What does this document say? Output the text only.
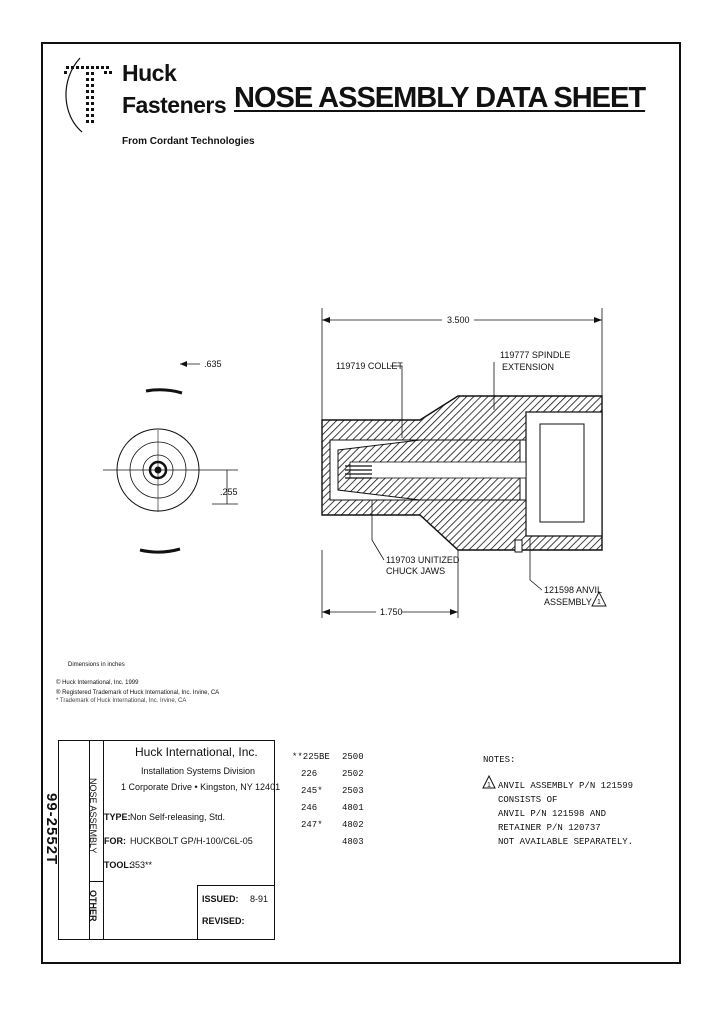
Huck
Fasteners
From Cordant Technologies
NOSE ASSEMBLY DATA SHEET
.635
.255
3.500
1.750
119719 COLLET
119777 SPINDLE
EXTENSION
119703 UNITIZED
CHUCK JAWS
121598 ANVIL
ASSEMBLY 1
Dimensions in inches
© Huck International, Inc. 1999
® Registered Trademark of Huck International, Inc. Irvine, CA
* Trademark of Huck International, Inc. Irvine, CA
99-2552T	NOSE ASSEMBLY
OTHER
Huck International, Inc.
Installation Systems Division
1 Corporate Drive • Kingston, NY 12401
TYPE: Non Self-releasing, Std.
FOR: HUCKBOLT GP/H-100/C6L-05
TOOL:
353**
ISSUED: 8-91
REVISED:
**225BE
226
245*
246
247*
2500
2502
2503
4801
4802
4803
NOTES:
1 ANVIL ASSEMBLY P/N 121599
CONSISTS OF
ANVIL P/N 121598 AND
RETAINER P/N 120737
NOT AVAILABLE SEPARATELY.
